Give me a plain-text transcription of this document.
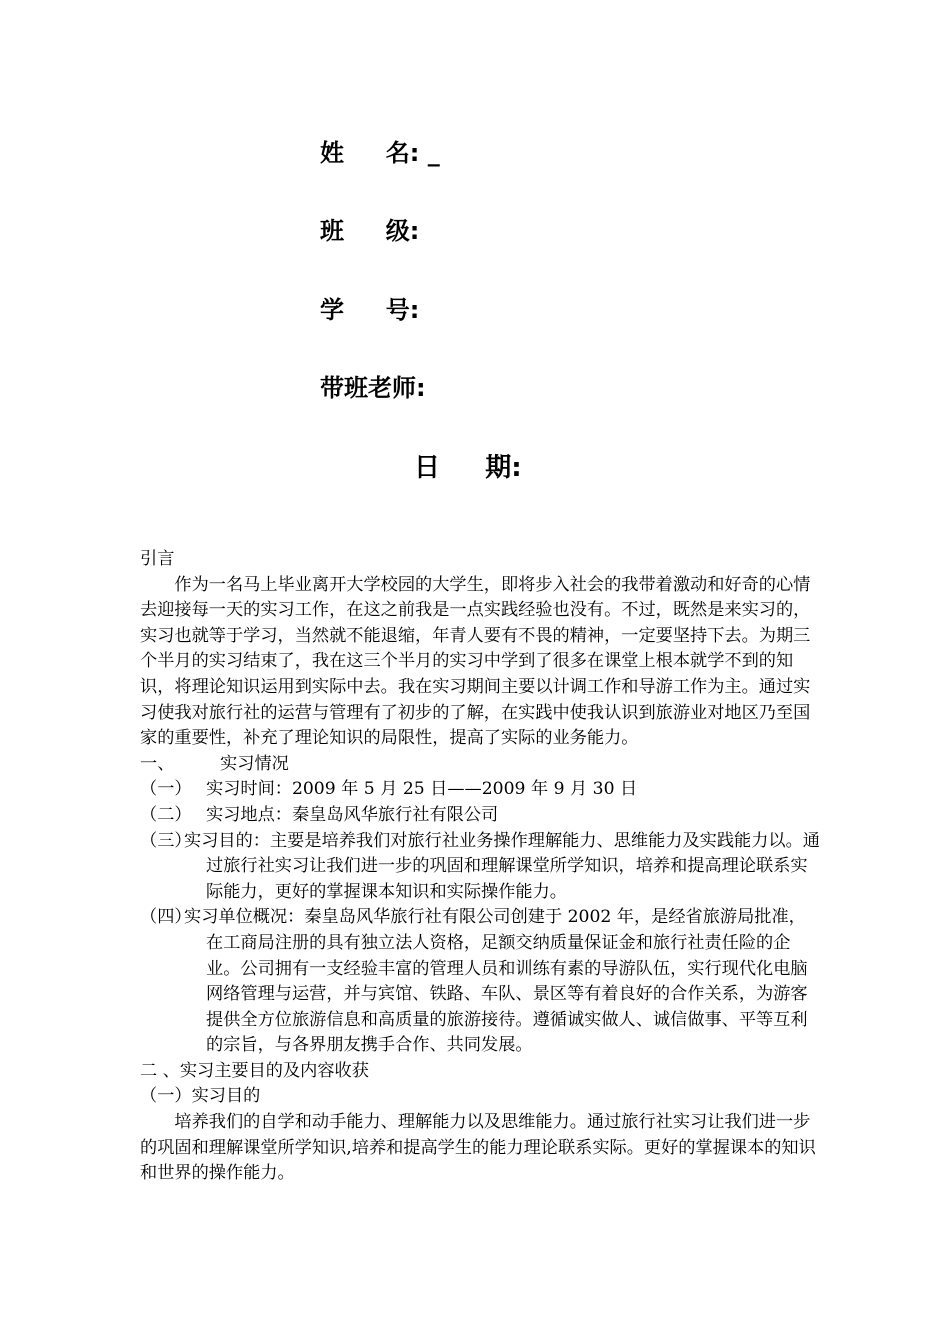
姓     名: _
班     级:
学     号:
带班老师:
日     期:

引言

作为一名马上毕业离开大学校园的大学生，即将步入社会的我带着激动和好奇的心情去迎接每一天的实习工作，在这之前我是一点实践经验也没有。不过，既然是来实习的，实习也就等于学习，当然就不能退缩，年青人要有不畏的精神，一定要坚持下去。为期三个半月的实习结束了，我在这三个半月的实习中学到了很多在课堂上根本就学不到的知识，将理论知识运用到实际中去。我在实习期间主要以计调工作和导游工作为主。通过实习使我对旅行社的运营与管理有了初步的了解，在实践中使我认识到旅游业对地区乃至国家的重要性，补充了理论知识的局限性，提高了实际的业务能力。

一、	实习情况
（一） 实习时间：2009 年 5 月 25 日——2009 年 9 月 30 日
（二） 实习地点：秦皇岛风华旅行社有限公司
（三）
实习目的：主要是培养我们对旅行社业务操作理解能力、思维能力及实践能力以。通过旅行社实习让我们进一步的巩固和理解课堂所学知识，培养和提高理论联系实际能力，更好的掌握课本知识和实际操作能力。
（四）
实习单位概况：秦皇岛风华旅行社有限公司创建于 2002 年，是经省旅游局批准，在工商局注册的具有独立法人资格，足额交纳质量保证金和旅行社责任险的企业。公司拥有一支经验丰富的管理人员和训练有素的导游队伍，实行现代化电脑网络管理与运营，并与宾馆、铁路、车队、景区等有着良好的合作关系，为游客提供全方位旅游信息和高质量的旅游接待。遵循诚实做人、诚信做事、平等互利的宗旨，与各界朋友携手合作、共同发展。

二 、实习主要目的及内容收获

（一）实习目的

培养我们的自学和动手能力、理解能力以及思维能力。通过旅行社实习让我们进一步的巩固和理解课堂所学知识,培养和提高学生的能力理论联系实际。更好的掌握课本的知识和世界的操作能力。
